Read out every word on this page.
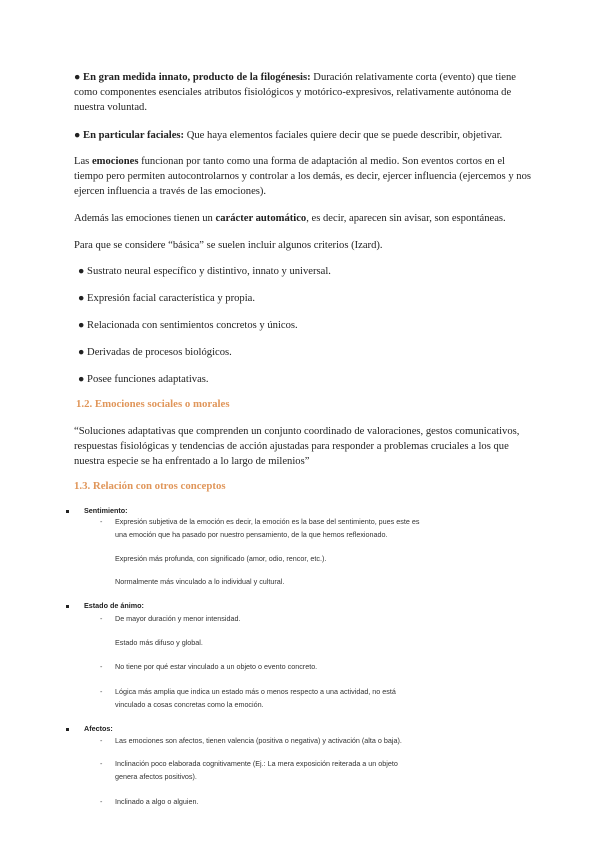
● En gran medida innato, producto de la filogénesis: Duración relativamente corta (evento) que tiene como componentes esenciales atributos fisiológicos y motórico-expresivos, relativamente autónoma de nuestra voluntad.

● En particular faciales: Que haya elementos faciales quiere decir que se puede describir, objetivar.

Las emociones funcionan por tanto como una forma de adaptación al medio. Son eventos cortos en el tiempo pero permiten autocontrolarnos y controlar a los demás, es decir, ejercer influencia (ejercemos y nos ejercen influencia a través de las emociones).

Además las emociones tienen un carácter automático, es decir, aparecen sin avisar, son espontáneas.

Para que se considere “básica” se suelen incluir algunos criterios (Izard).

● Sustrato neural específico y distintivo, innato y universal.

● Expresión facial característica y propia.

● Relacionada con sentimientos concretos y únicos.

● Derivadas de procesos biológicos.

● Posee funciones adaptativas.

1.2. Emociones sociales o morales

“Soluciones adaptativas que comprenden un conjunto coordinado de valoraciones, gestos comunicativos, respuestas fisiológicas y tendencias de acción ajustadas para responder a problemas cruciales a los que nuestra especie se ha enfrentado a lo largo de milenios”

1.3. Relación con otros conceptos

Sentimiento:

- Expresión subjetiva de la emoción es decir, la emoción es la base del sentimiento, pues este es

una emoción que ha pasado por nuestro pensamiento, de la que hemos reflexionado.

Expresión más profunda, con significado (amor, odio, rencor, etc.).

Normalmente más vinculado a lo individual y cultural.

Estado de ánimo:

- De mayor duración y menor intensidad.

Estado más difuso y global.

- No tiene por qué estar vinculado a un objeto o evento concreto.

- Lógica más amplia que indica un estado más o menos respecto a una actividad, no está

vinculado a cosas concretas como la emoción.

Afectos:

- Las emociones son afectos, tienen valencia (positiva o negativa) y activación (alta o baja).

- Inclinación poco elaborada cognitivamente (Ej.: La mera exposición reiterada a un objeto

genera afectos positivos).

- Inclinado a algo o alguien.
